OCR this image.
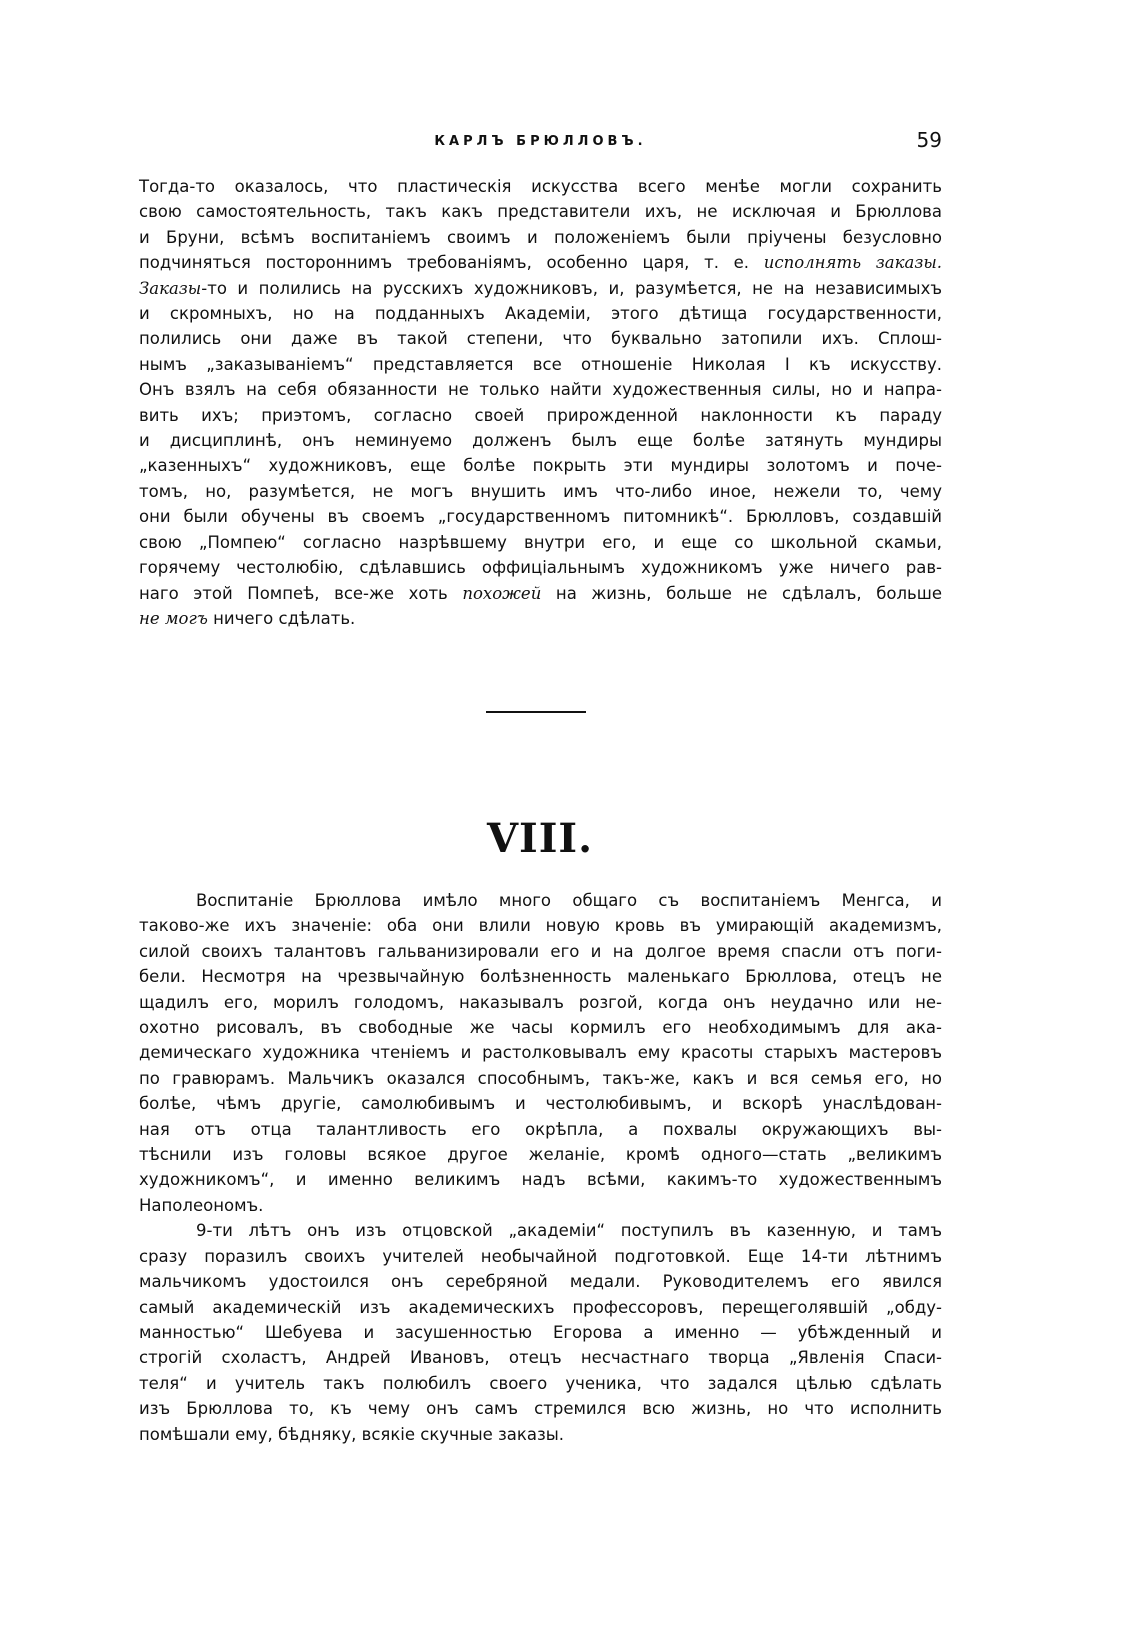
КАРЛЪ БРЮЛЛОВЪ.	59

Тогда-то оказалось, что пластическія искусства всего менѣе могли сохранить

свою самостоятельность, такъ какъ представители ихъ, не исключая и Брюллова

и Бруни, всѣмъ воспитаніемъ своимъ и положеніемъ были пріучены безусловно

подчиняться постороннимъ требованіямъ, особенно царя, т. е. исполнять заказы.

Заказы-то и полились на русскихъ художниковъ, и, разумѣется, не на независимыхъ

и скромныхъ, но на подданныхъ Академіи, этого дѣтища государственности,

полились они даже въ такой степени, что буквально затопили ихъ. Сплош-

нымъ „заказываніемъ“ представляется все отношеніе Николая I къ искусству.

Онъ взялъ на себя обязанности не только найти художественныя силы, но и напра-

вить ихъ; приэтомъ, согласно своей прирожденной наклонности къ параду

и дисциплинѣ, онъ неминуемо долженъ былъ еще болѣе затянуть мундиры

„казенныхъ“ художниковъ, еще болѣе покрыть эти мундиры золотомъ и поче-

томъ, но, разумѣется, не могъ внушить имъ что-либо иное, нежели то, чему

они были обучены въ своемъ „государственномъ питомникѣ“. Брюлловъ, создавшій

свою „Помпею“ согласно назрѣвшему внутри его, и еще со школьной скамьи,

горячему честолюбію, сдѣлавшись оффиціальнымъ художникомъ уже ничего рав-

наго этой Помпеѣ, все-же хоть похожей на жизнь, больше не сдѣлалъ, больше

не могъ ничего сдѣлать.

VIII.

Воспитаніе Брюллова имѣло много общаго съ воспитаніемъ Менгса, и

таково-же ихъ значеніе: оба они влили новую кровь въ умирающій академизмъ,

силой своихъ талантовъ гальванизировали его и на долгое время спасли отъ поги-

бели. Несмотря на чрезвычайную болѣзненность маленькаго Брюллова, отецъ не

щадилъ его, морилъ голодомъ, наказывалъ розгой, когда онъ неудачно или не-

охотно рисовалъ, въ свободные же часы кормилъ его необходимымъ для ака-

демическаго художника чтеніемъ и растолковывалъ ему красоты старыхъ мастеровъ

по гравюрамъ. Мальчикъ оказался способнымъ, такъ-же, какъ и вся семья его, но

болѣе, чѣмъ другіе, самолюбивымъ и честолюбивымъ, и вскорѣ унаслѣдован-

ная отъ отца талантливость его окрѣпла, а похвалы окружающихъ вы-

тѣснили изъ головы всякое другое желаніе, кромѣ одного—стать „великимъ

художникомъ“, и именно великимъ надъ всѣми, какимъ-то художественнымъ

Наполеономъ.

9-ти лѣтъ онъ изъ отцовской „академіи“ поступилъ въ казенную, и тамъ

сразу поразилъ своихъ учителей необычайной подготовкой. Еще 14-ти лѣтнимъ

мальчикомъ удостоился онъ серебряной медали. Руководителемъ его явился

самый академическій изъ академическихъ профессоровъ, перещеголявшій „обду-

манностью“ Шебуева и засушенностью Егорова а именно — убѣжденный и

строгій схоластъ, Андрей Ивановъ, отецъ несчастнаго творца „Явленія Спаси-

теля“ и учитель такъ полюбилъ своего ученика, что задался цѣлью сдѣлать

изъ Брюллова то, къ чему онъ самъ стремился всю жизнь, но что исполнить

помѣшали ему, бѣдняку, всякіе скучные заказы.
